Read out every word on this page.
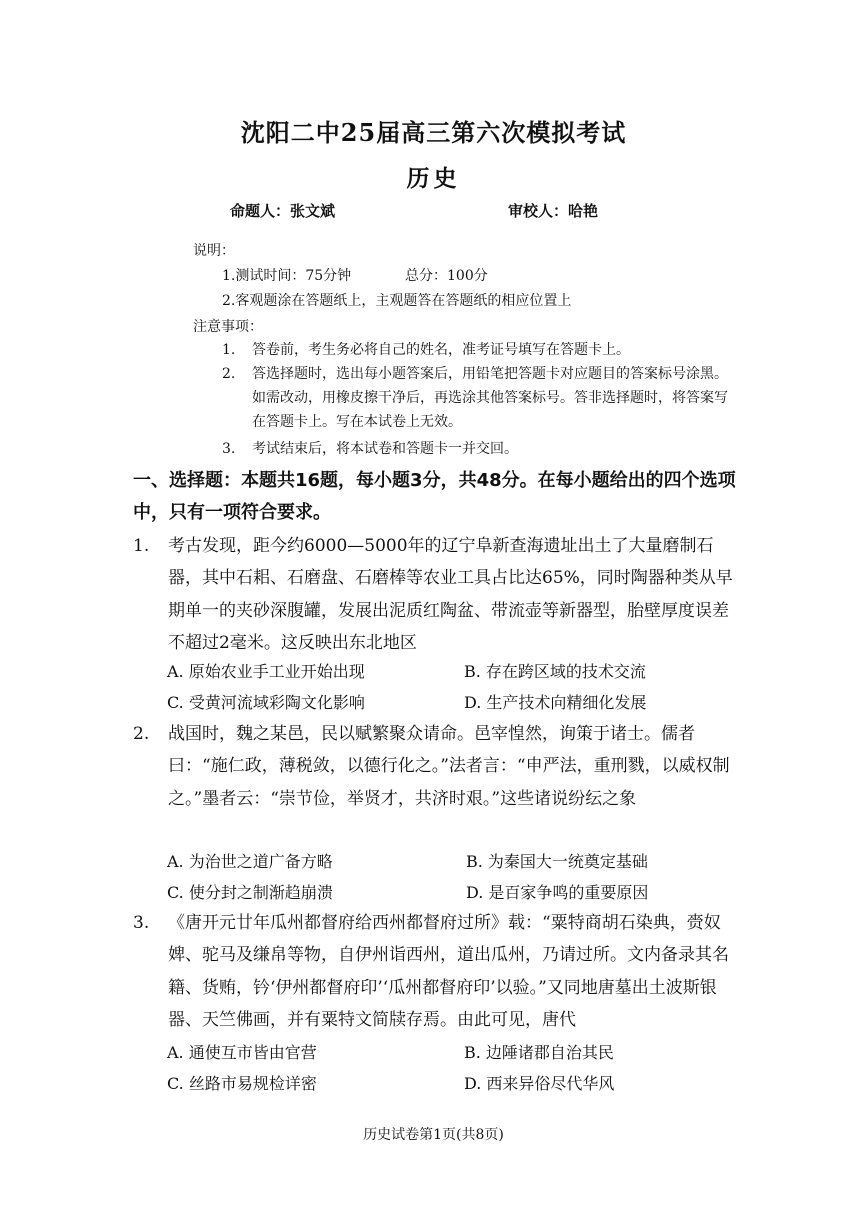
沈阳二中25届高三第六次模拟考试
历史
命题人：张文斌	审校人：哈艳
说明：
1.测试时间：75分钟	总分：100分
2.客观题涂在答题纸上，主观题答在答题纸的相应位置上
注意事项：
1. 答卷前，考生务必将自己的姓名，准考证号填写在答题卡上。
2. 答选择题时，选出每小题答案后，用铅笔把答题卡对应题目的答案标号涂黑。如需改动，用橡皮擦干净后，再选涂其他答案标号。答非选择题时，将答案写在答题卡上。写在本试卷上无效。
3. 考试结束后，将本试卷和答题卡一并交回。
一、选择题：本题共16题，每小题3分，共48分。在每小题给出的四个选项中，只有一项符合要求。
1. 考古发现，距今约6000—5000年的辽宁阜新查海遗址出土了大量磨制石器，其中石耜、石磨盘、石磨棒等农业工具占比达65%，同时陶器种类从早期单一的夹砂深腹罐，发展出泥质红陶盆、带流壶等新器型，胎壁厚度误差不超过2毫米。这反映出东北地区
A. 原始农业手工业开始出现	B. 存在跨区域的技术交流
C. 受黄河流域彩陶文化影响	D. 生产技术向精细化发展
2. 战国时，魏之某邑，民以赋繁聚众请命。邑宰惶然，询策于诸士。儒者曰：“施仁政，薄税敛，以德行化之。”法者言：“申严法，重刑戮，以威权制之。”墨者云：“崇节俭，举贤才，共济时艰。”这些诸说纷纭之象
A. 为治世之道广备方略	B. 为秦国大一统奠定基础
C. 使分封之制渐趋崩溃	D. 是百家争鸣的重要原因
3. 《唐开元廿年瓜州都督府给西州都督府过所》载：“粟特商胡石染典，赍奴婢、驼马及缣帛等物，自伊州诣西州，道出瓜州，乃请过所。文内备录其名籍、货贿，钤‘伊州都督府印’‘瓜州都督府印’以验。”又同地唐墓出土波斯银器、天竺佛画，并有粟特文简牍存焉。由此可见，唐代
A. 通使互市皆由官营	B. 边陲诸郡自治其民
C. 丝路市易规检详密	D. 西来异俗尽代华风
历史试卷第1页(共8页)
